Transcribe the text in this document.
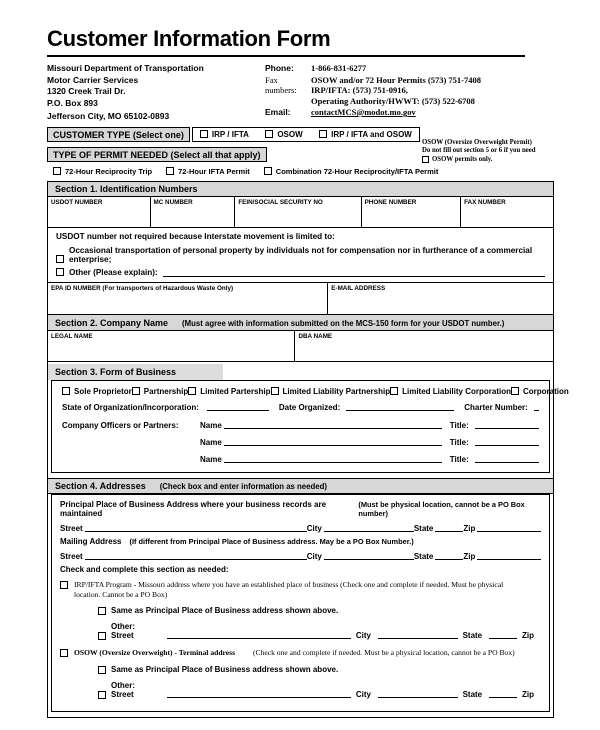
Customer Information Form
Missouri Department of Transportation
Motor Carrier Services
1320 Creek Trail Dr.
P.O. Box 893
Jefferson City, MO 65102-0893
Phone:	1-866-831-6277
Fax
numbers:
OSOW and/or 72 Hour Permits (573) 751-7408
IRP/IFTA: (573) 751-0916,
Operating Authority/HWWT: (573) 522-6708
Email:	contactMCS@modot.mo.gov
CUSTOMER TYPE (Select one)	IRP / IFTA	OSOW	IRP / IFTA and OSOW
TYPE OF PERMIT NEEDED (Select all that apply)
72-Hour Reciprocity Trip	72-Hour IFTA Permit	Combination 72-Hour Reciprocity/IFTA Permit
OSOW (Oversize Overweight Permit)
Do not fill out section 5 or 6 if you need
OSOW permits only.
Section 1. Identification Numbers
USDOT NUMBER	MC NUMBER	FEIN/SOCIAL SECURITY NO	PHONE NUMBER	FAX NUMBER
USDOT number not required because Interstate movement is limited to:
Occasional transportation of personal property by individuals not for compensation nor in furtherance of a commercial enterprise;
Other (Please explain):
EPA ID NUMBER (For transporters of Hazardous Waste Only)	E-MAIL ADDRESS
Section 2. Company Name (Must agree with information submitted on the MCS-150 form for your USDOT number.)
LEGAL NAME	DBA NAME
Section 3. Form of Business
Sole Proprietor Partnership Limited Partership Limited Liability Partnership Limited Liability Corporation Corporation
State of Organization/Incorporation:	Date Organized:	Charter Number:
Company Officers or Partners:	Name	Title:
Name	Title:
Name	Title:
Section 4. Addresses (Check box and enter information as needed)
Principal Place of Business Address where your business records are maintained
(Must be physical location, cannot be a PO Box number)
Street	City	State	Zip
Mailing Address (If different from Principal Place of Business address. May be a PO Box Number.)
Street	City	State	Zip
Check and complete this section as needed:
IRP/IFTA Program - Missouri address where you have an established place of business (Check one and complete if needed. Must be physical
location. Cannot be a PO Box)
Same as Principal Place of Business address shown above.
Other: Street	City	State	Zip
OSOW (Oversize Overweight) - Terminal address (Check one and complete if needed. Must be a physical location, cannot be a PO Box)
Same as Principal Place of Business address shown above.
Other: Street	City	State	Zip
